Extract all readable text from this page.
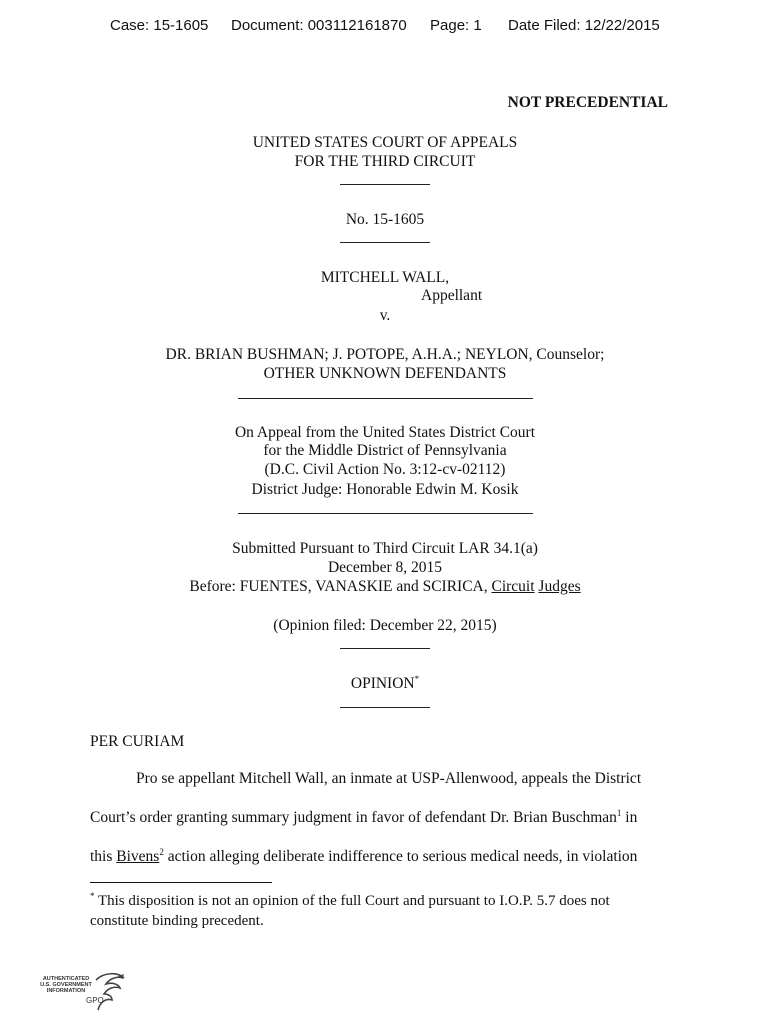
Case: 15-1605 Document: 003112161870 Page: 1 Date Filed: 12/22/2015
NOT PRECEDENTIAL
UNITED STATES COURT OF APPEALS
FOR THE THIRD CIRCUIT
No. 15-1605
MITCHELL WALL,
Appellant
v.
DR. BRIAN BUSHMAN; J. POTOPE, A.H.A.; NEYLON, Counselor;
OTHER UNKNOWN DEFENDANTS
On Appeal from the United States District Court
for the Middle District of Pennsylvania
(D.C. Civil Action No. 3:12-cv-02112)
District Judge: Honorable Edwin M. Kosik
Submitted Pursuant to Third Circuit LAR 34.1(a)
December 8, 2015
Before: FUENTES, VANASKIE and SCIRICA, Circuit Judges
(Opinion filed: December 22, 2015)
OPINION*
PER CURIAM
Pro se appellant Mitchell Wall, an inmate at USP-Allenwood, appeals the District
Court’s order granting summary judgment in favor of defendant Dr. Brian Buschman$^1$ in
this Bivens$^2$ action alleging deliberate indifference to serious medical needs, in violation
* This disposition is not an opinion of the full Court and pursuant to I.O.P. 5.7 does not
constitute binding precedent.
AUTHENTICATED
U.S. GOVERNMENT
INFORMATION
GPO
